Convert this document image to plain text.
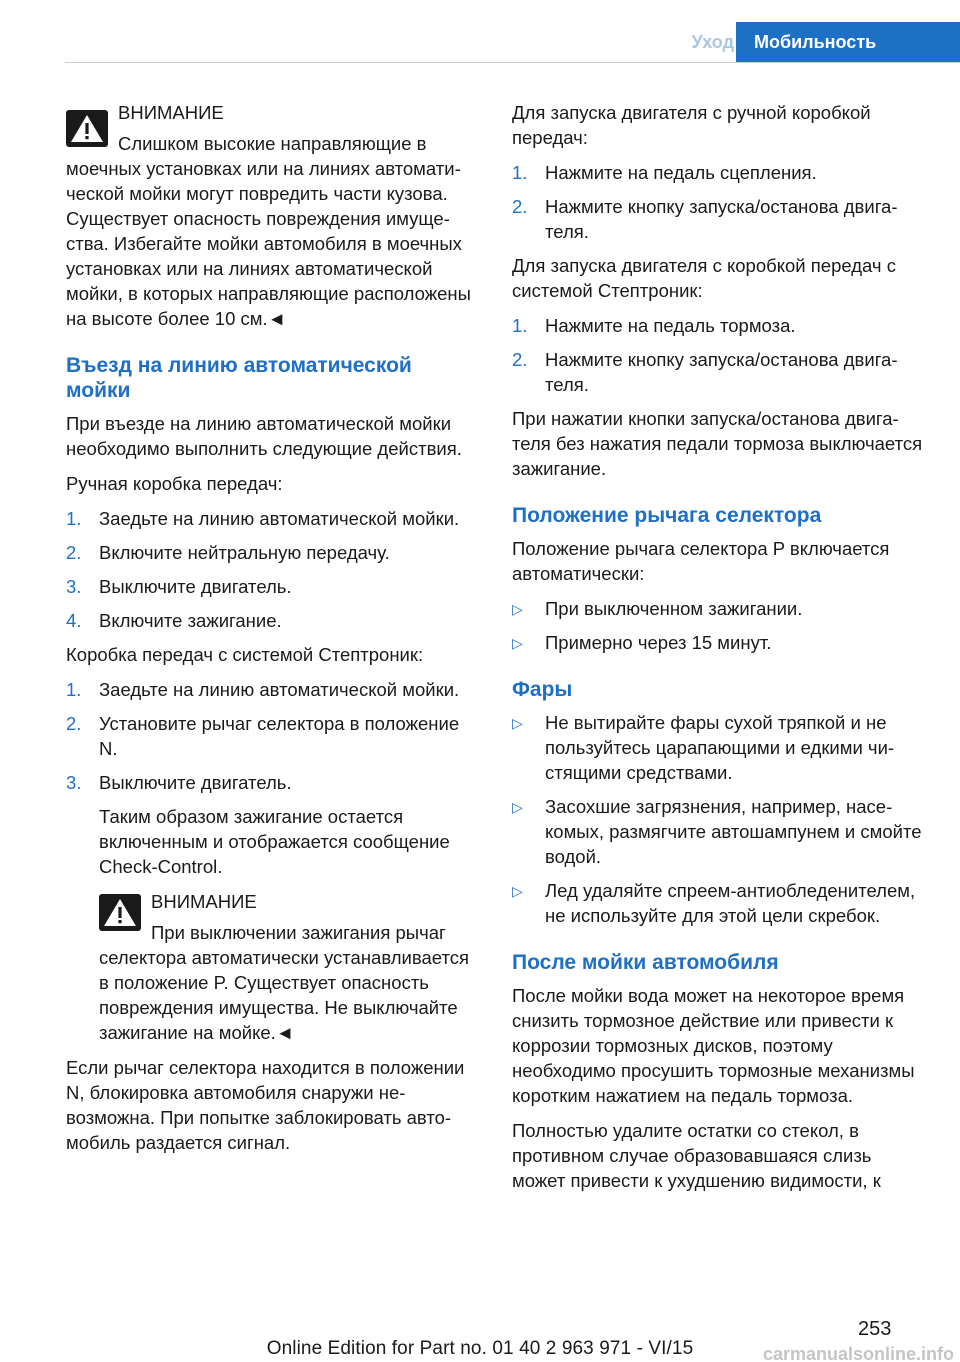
Уход	Мобильность
ВНИМАНИЕ
Слишком высокие направляющие в

моечных установках или на линиях автоматической мойки могут повредить части кузова. Существует опасность повреждения имущества. Избегайте мойки автомобиля в моечных установках или на линиях автоматической мойки, в которых направляющие расположены на высоте более 10 см.◄

Въезд на линию автоматической мойки

При въезде на линию автоматической мойки необходимо выполнить следующие действия.

Ручная коробка передач:

1. Заедьте на линию автоматической мойки.
2. Включите нейтральную передачу.
3. Выключите двигатель.
4. Включите зажигание.

Коробка передач с системой Стептроник:

1. Заедьте на линию автоматической мойки.
2. Установите рычаг селектора в положение N.
3. Выключите двигатель.
Таким образом зажигание остается включенным и отображается сообщение Check-Control.
ВНИМАНИЕ
При выключении зажигания рычаг

селектора автоматически устанавливается в положение P. Существует опасность повреждения имущества. Не выключайте зажигание на мойке.◄

Если рычаг селектора находится в положении N, блокировка автомобиля снаружи невозможна. При попытке заблокировать автомобиль раздается сигнал.

Для запуска двигателя с ручной коробкой передач:

1. Нажмите на педаль сцепления.
2. Нажмите кнопку запуска/останова двигателя.

Для запуска двигателя с коробкой передач с системой Стептроник:

1. Нажмите на педаль тормоза.
2. Нажмите кнопку запуска/останова двигателя.

При нажатии кнопки запуска/останова двигателя без нажатия педали тормоза выключается зажигание.

Положение рычага селектора

Положение рычага селектора P включается автоматически:

▷ При выключенном зажигании.
▷ Примерно через 15 минут.
Фары
▷ Не вытирайте фары сухой тряпкой и не пользуйтесь царапающими и едкими чистящими средствами.
▷ Засохшие загрязнения, например, насекомых, размягчите автошампунем и смойте водой.
▷ Лед удаляйте спреем-антиобледенителем, не используйте для этой цели скребок.
После мойки автомобиля

После мойки вода может на некоторое время снизить тормозное действие или привести к коррозии тормозных дисков, поэтому необходимо просушить тормозные механизмы коротким нажатием на педаль тормоза.

Полностью удалите остатки со стекол, в противном случае образовавшаяся слизь может привести к ухудшению видимости, к

253
Online Edition for Part no. 01 40 2 963 971 - VI/15	carmanualsonline.info
